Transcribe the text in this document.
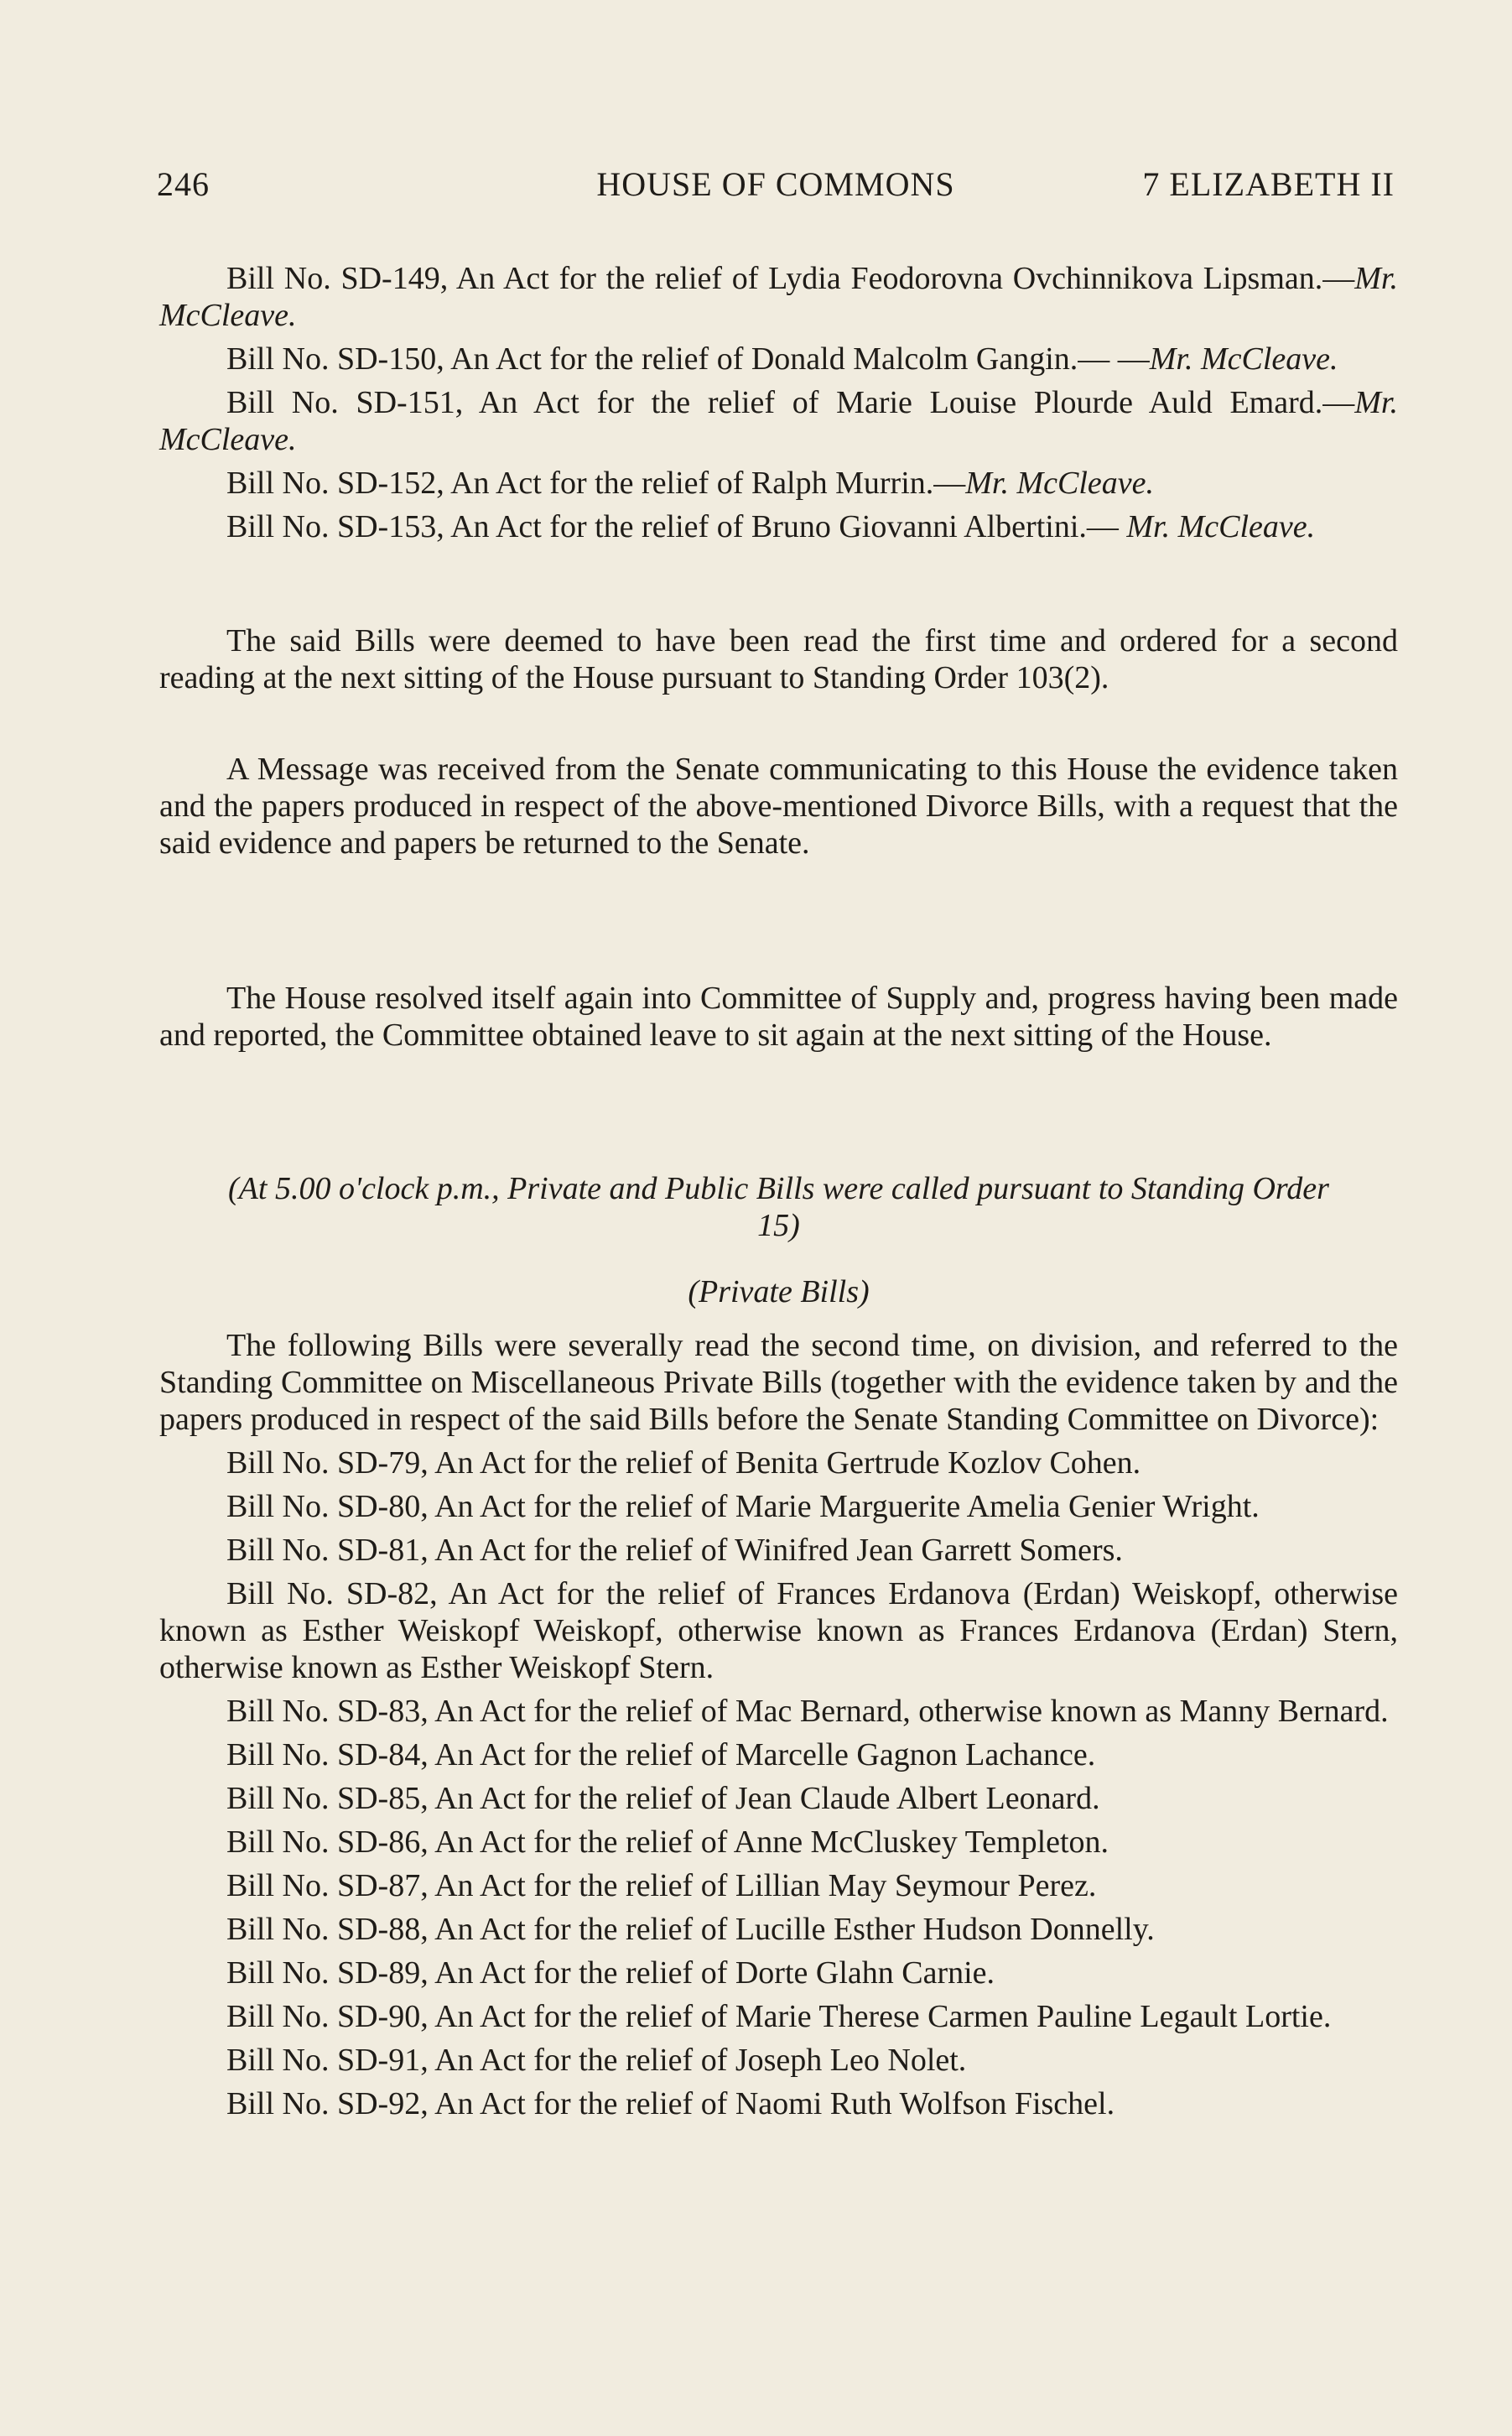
246	HOUSE OF COMMONS	7 ELIZABETH II

Bill No. SD-149, An Act for the relief of Lydia Feodorovna Ovchinnikova Lipsman.—Mr. McCleave.

Bill No. SD-150, An Act for the relief of Donald Malcolm Gangin.— —Mr. McCleave.

Bill No. SD-151, An Act for the relief of Marie Louise Plourde Auld Emard.—Mr. McCleave.

Bill No. SD-152, An Act for the relief of Ralph Murrin.—Mr. McCleave.

Bill No. SD-153, An Act for the relief of Bruno Giovanni Albertini.— Mr. McCleave.

The said Bills were deemed to have been read the first time and ordered for a second reading at the next sitting of the House pursuant to Standing Order 103(2).

A Message was received from the Senate communicating to this House the evidence taken and the papers produced in respect of the above-mentioned Divorce Bills, with a request that the said evidence and papers be returned to the Senate.

The House resolved itself again into Committee of Supply and, progress having been made and reported, the Committee obtained leave to sit again at the next sitting of the House.

(At 5.00 o'clock p.m., Private and Public Bills were called pursuant to Standing Order 15)

(Private Bills)

The following Bills were severally read the second time, on division, and referred to the Standing Committee on Miscellaneous Private Bills (together with the evidence taken by and the papers produced in respect of the said Bills before the Senate Standing Committee on Divorce):

Bill No. SD-79, An Act for the relief of Benita Gertrude Kozlov Cohen.

Bill No. SD-80, An Act for the relief of Marie Marguerite Amelia Genier Wright.

Bill No. SD-81, An Act for the relief of Winifred Jean Garrett Somers.

Bill No. SD-82, An Act for the relief of Frances Erdanova (Erdan) Weiskopf, otherwise known as Esther Weiskopf Weiskopf, otherwise known as Frances Erdanova (Erdan) Stern, otherwise known as Esther Weiskopf Stern.

Bill No. SD-83, An Act for the relief of Mac Bernard, otherwise known as Manny Bernard.

Bill No. SD-84, An Act for the relief of Marcelle Gagnon Lachance.

Bill No. SD-85, An Act for the relief of Jean Claude Albert Leonard.

Bill No. SD-86, An Act for the relief of Anne McCluskey Templeton.

Bill No. SD-87, An Act for the relief of Lillian May Seymour Perez.

Bill No. SD-88, An Act for the relief of Lucille Esther Hudson Donnelly.

Bill No. SD-89, An Act for the relief of Dorte Glahn Carnie.

Bill No. SD-90, An Act for the relief of Marie Therese Carmen Pauline Legault Lortie.

Bill No. SD-91, An Act for the relief of Joseph Leo Nolet.

Bill No. SD-92, An Act for the relief of Naomi Ruth Wolfson Fischel.
